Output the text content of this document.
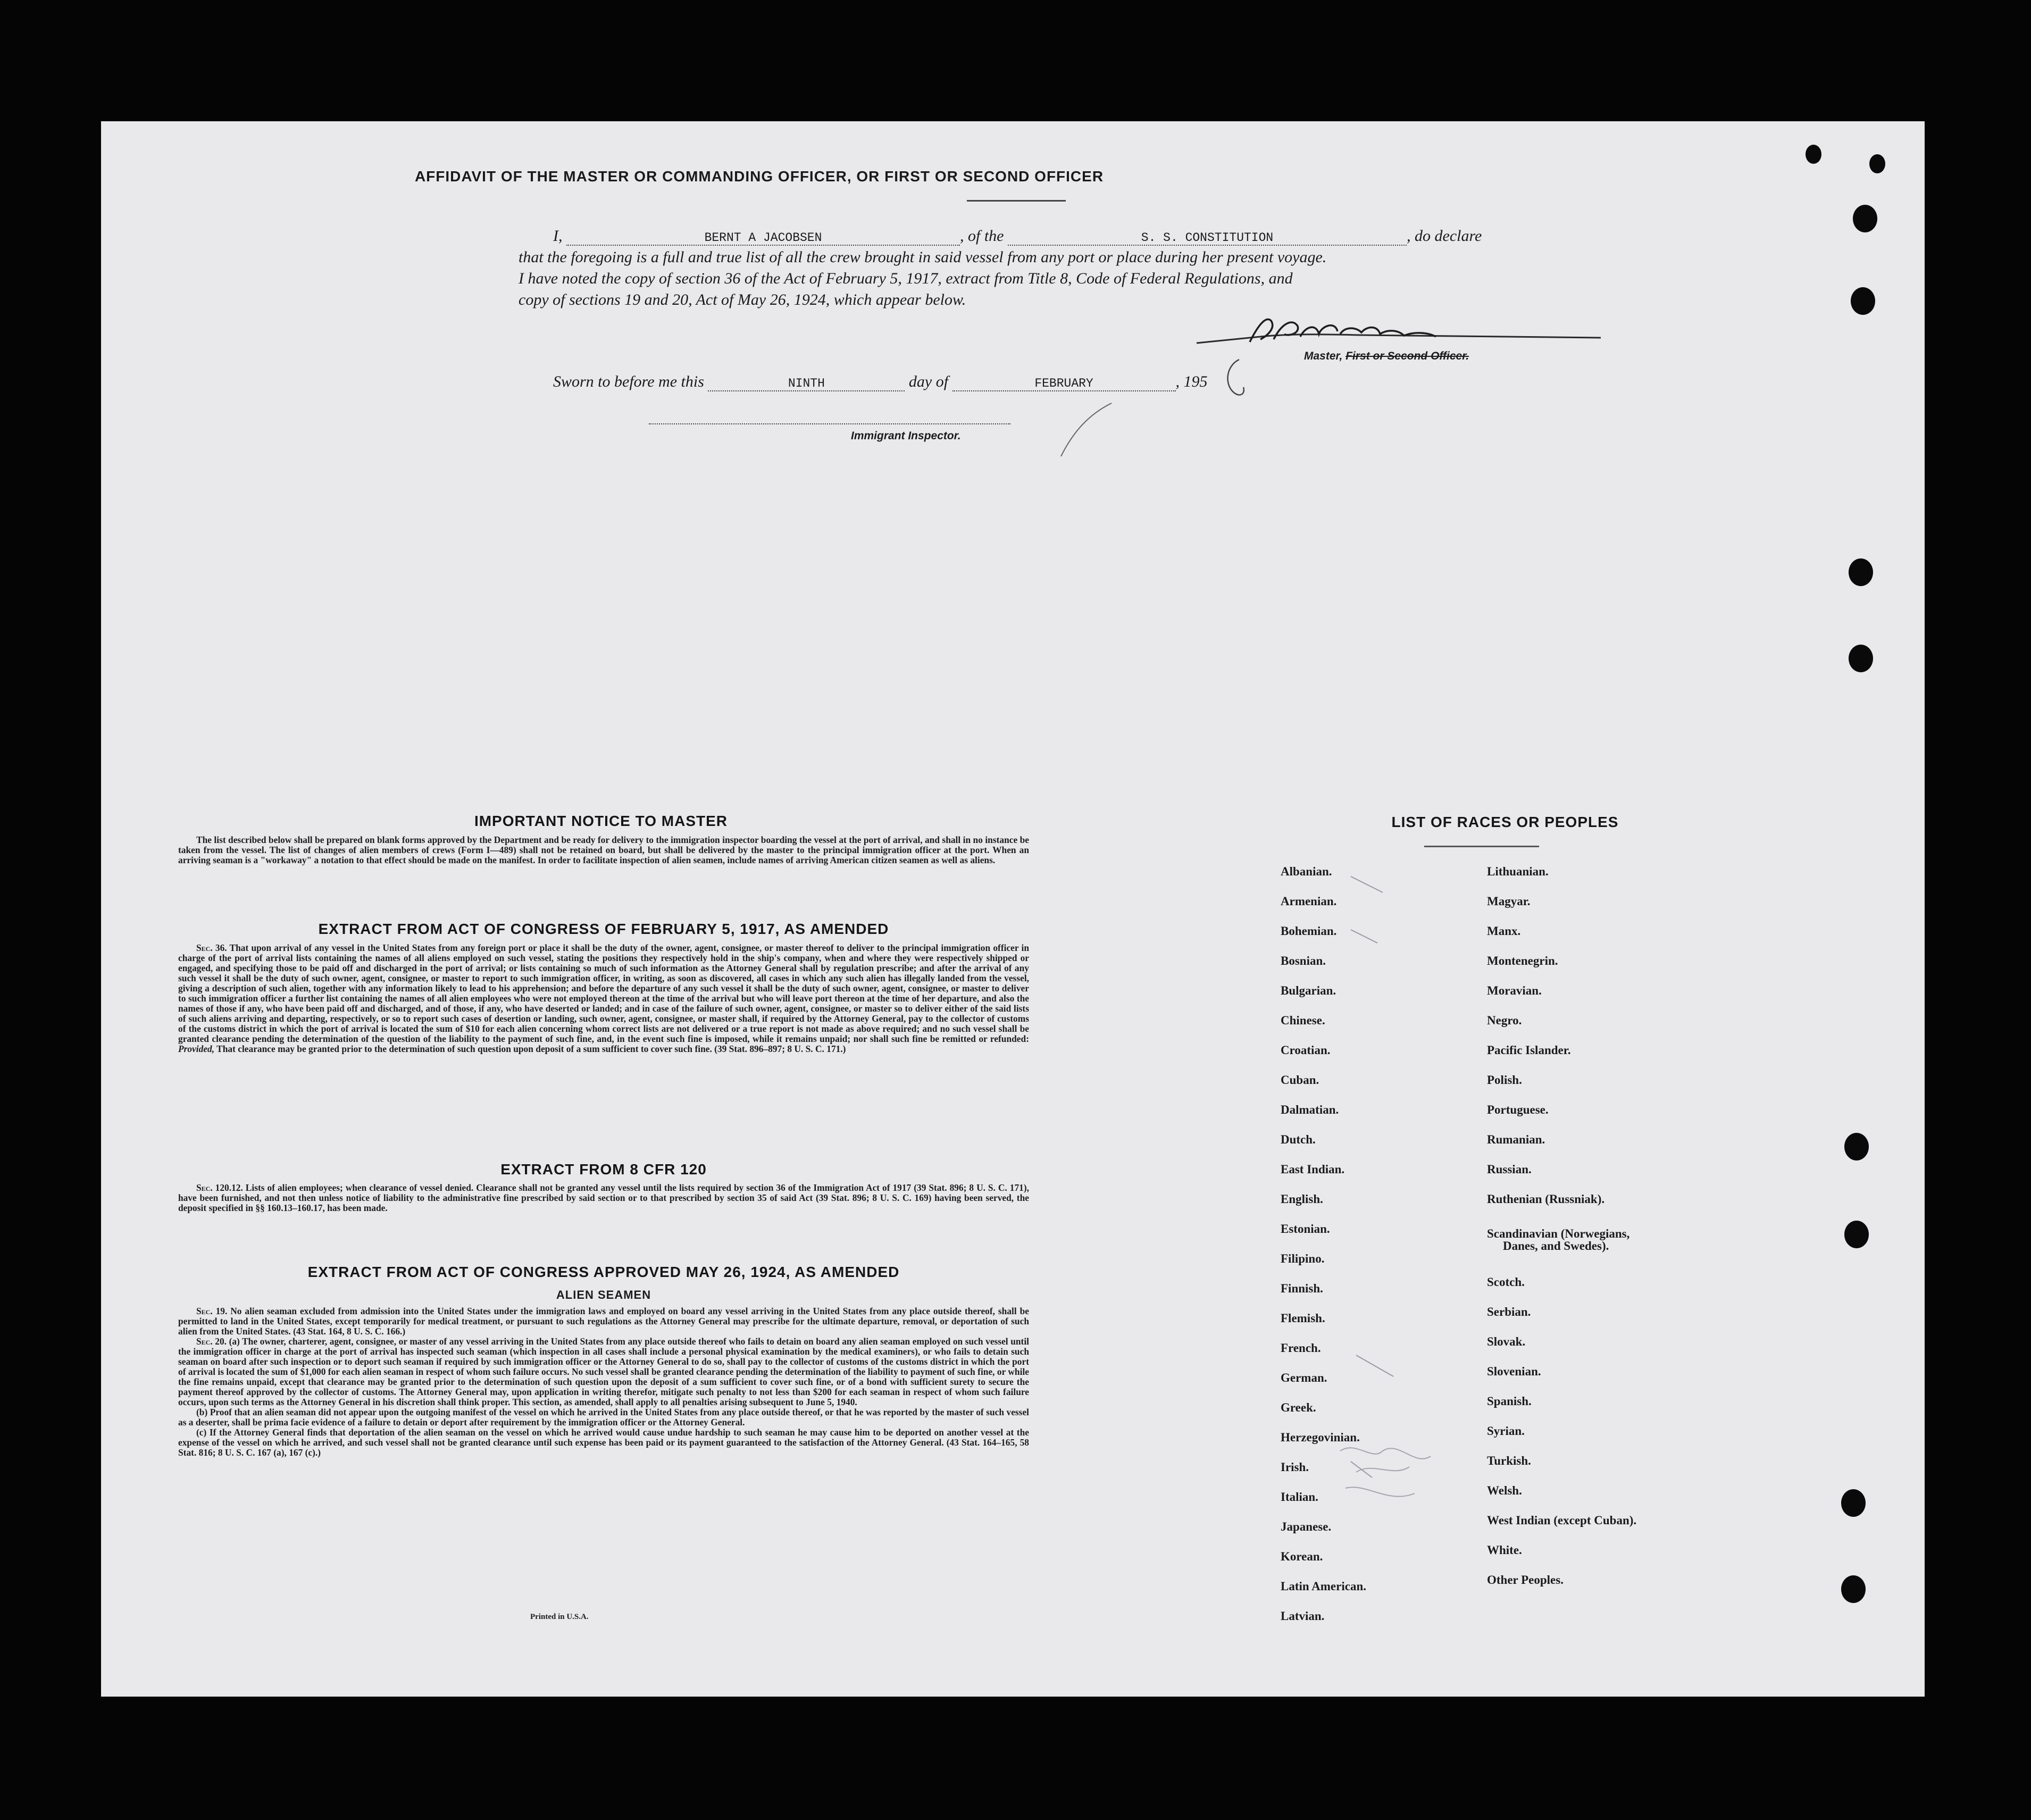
AFFIDAVIT OF THE MASTER OR COMMANDING OFFICER, OR FIRST OR SECOND OFFICER
I,	BERNT A JACOBSEN	, of the	S. S. CONSTITUTION	, do declare
that the foregoing is a full and true list of all the crew brought in said vessel from any port or place during her present voyage.
I have noted the copy of section 36 of the Act of February 5, 1917, extract from Title 8, Code of Federal Regulations, and
copy of sections 19 and 20, Act of May 26, 1924, which appear below.
Master, First or Second Officer.
Sworn to before me this	NINTH	day of	FEBRUARY	, 195
Immigrant Inspector.
IMPORTANT NOTICE TO MASTER

The list described below shall be prepared on blank forms approved by the Department and be ready for delivery to the immigration inspector boarding the vessel at the port of arrival, and shall in no instance be taken from the vessel. The list of changes of alien members of crews (Form I—489) shall not be retained on board, but shall be delivered by the master to the principal immigration officer at the port. When an arriving seaman is a "workaway" a notation to that effect should be made on the manifest. In order to facilitate inspection of alien seamen, include names of arriving American citizen seamen as well as aliens.

EXTRACT FROM ACT OF CONGRESS OF FEBRUARY 5, 1917, AS AMENDED

Sec. 36. That upon arrival of any vessel in the United States from any foreign port or place it shall be the duty of the owner, agent, consignee, or master thereof to deliver to the principal immigration officer in charge of the port of arrival lists containing the names of all aliens employed on such vessel, stating the positions they respectively hold in the ship's company, when and where they were respectively shipped or engaged, and specifying those to be paid off and discharged in the port of arrival; or lists containing so much of such information as the Attorney General shall by regulation prescribe; and after the arrival of any such vessel it shall be the duty of such owner, agent, consignee, or master to report to such immigration officer, in writing, as soon as discovered, all cases in which any such alien has illegally landed from the vessel, giving a description of such alien, together with any information likely to lead to his apprehension; and before the departure of any such vessel it shall be the duty of such owner, agent, consignee, or master to deliver to such immigration officer a further list containing the names of all alien employees who were not employed thereon at the time of the arrival but who will leave port thereon at the time of her departure, and also the names of those if any, who have been paid off and discharged, and of those, if any, who have deserted or landed; and in case of the failure of such owner, agent, consignee, or master so to deliver either of the said lists of such aliens arriving and departing, respectively, or so to report such cases of desertion or landing, such owner, agent, consignee, or master shall, if required by the Attorney General, pay to the collector of customs of the customs district in which the port of arrival is located the sum of $10 for each alien concerning whom correct lists are not delivered or a true report is not made as above required; and no such vessel shall be granted clearance pending the determination of the question of the liability to the payment of such fine, and, in the event such fine is imposed, while it remains unpaid; nor shall such fine be remitted or refunded: Provided, That clearance may be granted prior to the determination of such question upon deposit of a sum sufficient to cover such fine. (39 Stat. 896–897; 8 U. S. C. 171.)

EXTRACT FROM 8 CFR 120

Sec. 120.12. Lists of alien employees; when clearance of vessel denied. Clearance shall not be granted any vessel until the lists required by section 36 of the Immigration Act of 1917 (39 Stat. 896; 8 U. S. C. 171), have been furnished, and not then unless notice of liability to the administrative fine prescribed by said section or to that prescribed by section 35 of said Act (39 Stat. 896; 8 U. S. C. 169) having been served, the deposit specified in §§ 160.13–160.17, has been made.

EXTRACT FROM ACT OF CONGRESS APPROVED MAY 26, 1924, AS AMENDED
ALIEN SEAMEN

Sec. 19. No alien seaman excluded from admission into the United States under the immigration laws and employed on board any vessel arriving in the United States from any place outside thereof, shall be permitted to land in the United States, except temporarily for medical treatment, or pursuant to such regulations as the Attorney General may prescribe for the ultimate departure, removal, or deportation of such alien from the United States. (43 Stat. 164, 8 U. S. C. 166.)

Sec. 20. (a) The owner, charterer, agent, consignee, or master of any vessel arriving in the United States from any place outside thereof who fails to detain on board any alien seaman employed on such vessel until the immigration officer in charge at the port of arrival has inspected such seaman (which inspection in all cases shall include a personal physical examination by the medical examiners), or who fails to detain such seaman on board after such inspection or to deport such seaman if required by such immigration officer or the Attorney General to do so, shall pay to the collector of customs of the customs district in which the port of arrival is located the sum of $1,000 for each alien seaman in respect of whom such failure occurs. No such vessel shall be granted clearance pending the determination of the liability to payment of such fine, or while the fine remains unpaid, except that clearance may be granted prior to the determination of such question upon the deposit of a sum sufficient to cover such fine, or of a bond with sufficient surety to secure the payment thereof approved by the collector of customs. The Attorney General may, upon application in writing therefor, mitigate such penalty to not less than $200 for each seaman in respect of whom such failure occurs, upon such terms as the Attorney General in his discretion shall think proper. This section, as amended, shall apply to all penalties arising subsequent to June 5, 1940.

(b) Proof that an alien seaman did not appear upon the outgoing manifest of the vessel on which he arrived in the United States from any place outside thereof, or that he was reported by the master of such vessel as a deserter, shall be prima facie evidence of a failure to detain or deport after requirement by the immigration officer or the Attorney General.

(c) If the Attorney General finds that deportation of the alien seaman on the vessel on which he arrived would cause undue hardship to such seaman he may cause him to be deported on another vessel at the expense of the vessel on which he arrived, and such vessel shall not be granted clearance until such expense has been paid or its payment guaranteed to the satisfaction of the Attorney General. (43 Stat. 164–165, 58 Stat. 816; 8 U. S. C. 167 (a), 167 (c).)

Printed in U.S.A.
LIST OF RACES OR PEOPLES
Albanian.
Armenian.
Bohemian.
Bosnian.
Bulgarian.
Chinese.
Croatian.
Cuban.
Dalmatian.
Dutch.
East Indian.
English.
Estonian.
Filipino.
Finnish.
Flemish.
French.
German.
Greek.
Herzegovinian.
Irish.
Italian.
Japanese.
Korean.
Latin American.
Latvian.
Lithuanian.
Magyar.
Manx.
Montenegrin.
Moravian.
Negro.
Pacific Islander.
Polish.
Portuguese.
Rumanian.
Russian.
Ruthenian (Russniak).
Scandinavian (Norwegians,
Danes, and Swedes).
Scotch.
Serbian.
Slovak.
Slovenian.
Spanish.
Syrian.
Turkish.
Welsh.
West Indian (except Cuban).
White.
Other Peoples.
